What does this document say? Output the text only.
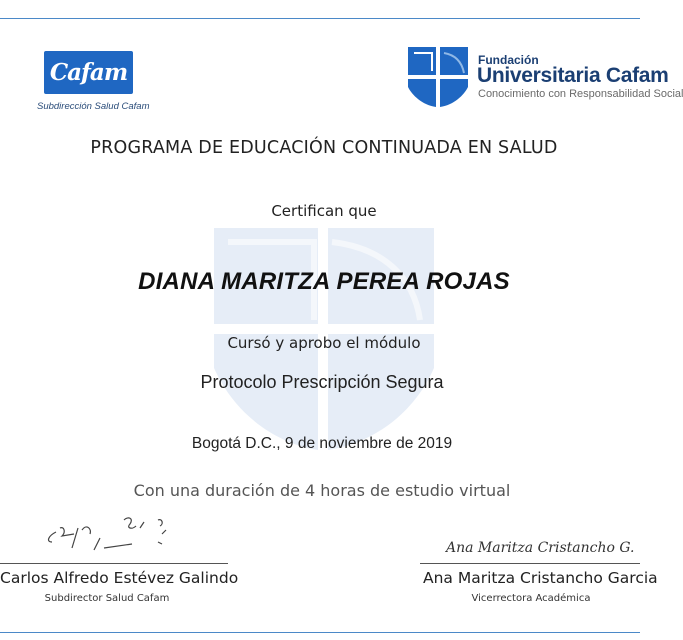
Cafam
Subdirección Salud Cafam
Fundación
Universitaria Cafam
Conocimiento con Responsabilidad Social
PROGRAMA DE EDUCACIÓN CONTINUADA EN SALUD
Certifican que
DIANA MARITZA PEREA ROJAS
Cursó y aprobo el módulo
Protocolo Prescripción Segura
Bogotá D.C., 9 de noviembre de 2019
Con una duración de 4 horas de estudio virtual
Ana Maritza Cristancho G.
Carlos Alfredo Estévez Galindo
Subdirector Salud Cafam
Ana Maritza Cristancho Garcia
Vicerrectora Académica
